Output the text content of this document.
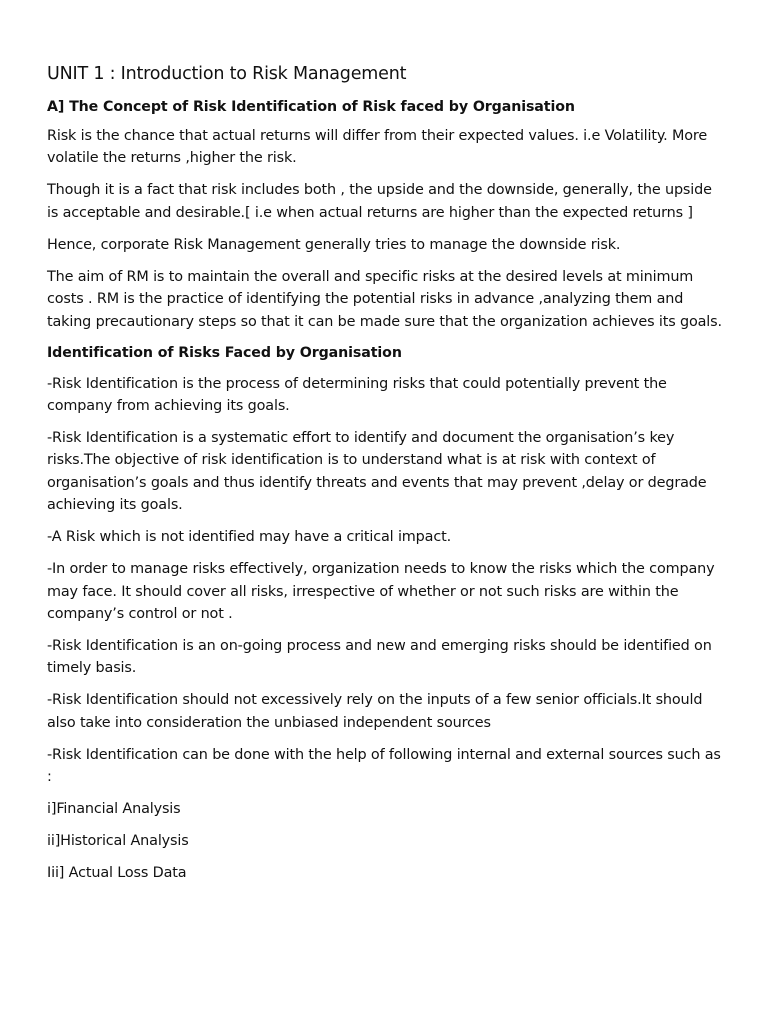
UNIT 1 : Introduction to Risk Management
A] The Concept of Risk Identification of Risk faced by Organisation

Risk is the chance that actual returns will differ from their expected values. i.e Volatility. More volatile the returns ,higher the risk.

Though it is a fact that risk includes both , the upside and the downside, generally, the upside is acceptable and desirable.[ i.e when actual returns are higher than the expected returns ]

Hence, corporate Risk Management generally tries to manage the downside risk.

The aim of RM is to maintain the overall and specific risks at the desired levels at minimum costs . RM is the practice of identifying the potential risks in advance ,analyzing them and taking precautionary steps so that it can be made sure that the organization achieves its goals.

Identification of Risks Faced by Organisation

-Risk Identification is the process of determining risks that could potentially prevent the company from achieving its goals.

-Risk Identification is a systematic effort to identify and document the organisation’s key risks.The objective of risk identification is to understand what is at risk with context of organisation’s goals and thus identify threats and events that may prevent ,delay or degrade achieving its goals.

-A Risk which is not identified may have a critical impact.

-In order to manage risks effectively, organization needs to know the risks which the company may face. It should cover all risks, irrespective of whether or not such risks are within the company’s control or not .

-Risk Identification is an on-going process and new and emerging risks should be identified on timely basis.

-Risk Identification should not excessively rely on the inputs of a few senior officials.It should also take into consideration the unbiased independent sources

-Risk Identification can be done with the help of following internal and external sources such as :

i]Financial Analysis
ii]Historical Analysis
Iii] Actual Loss Data
